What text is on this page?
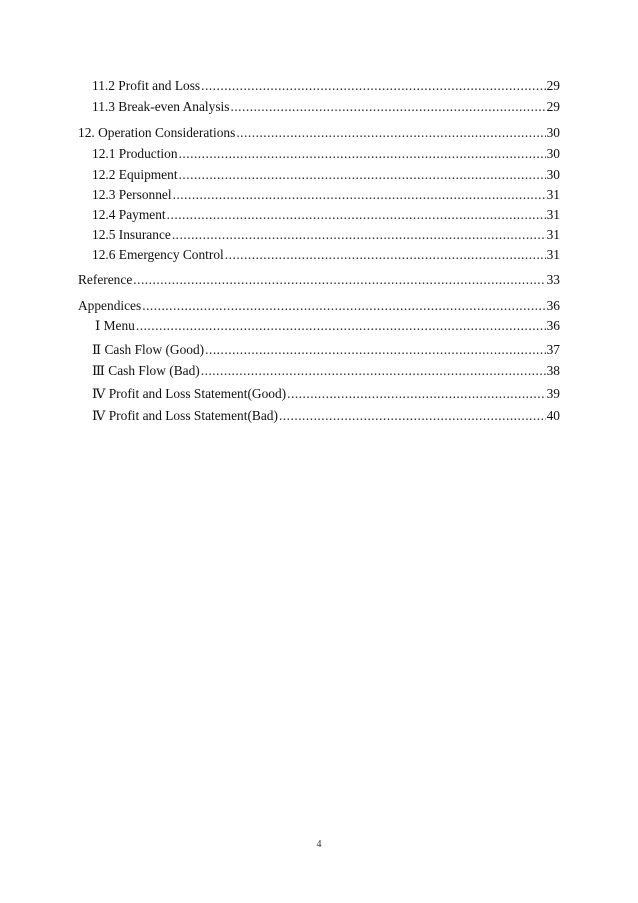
11.2 Profit and Loss .....	29
11.3 Break-even Analysis .....	29
12. Operation Considerations .....	30
12.1 Production .....	30
12.2 Equipment .....	30
12.3 Personnel .....	31
12.4 Payment .....	31
12.5 Insurance .....	31
12.6 Emergency Control .....	31
Reference .....	33
Appendices .....	36
Ⅰ Menu .....	36
Ⅱ Cash Flow (Good) .....	37
Ⅲ Cash Flow (Bad) .....	38
Ⅳ Profit and Loss Statement(Good) .....	39
Ⅳ Profit and Loss Statement(Bad) .....	40
4
